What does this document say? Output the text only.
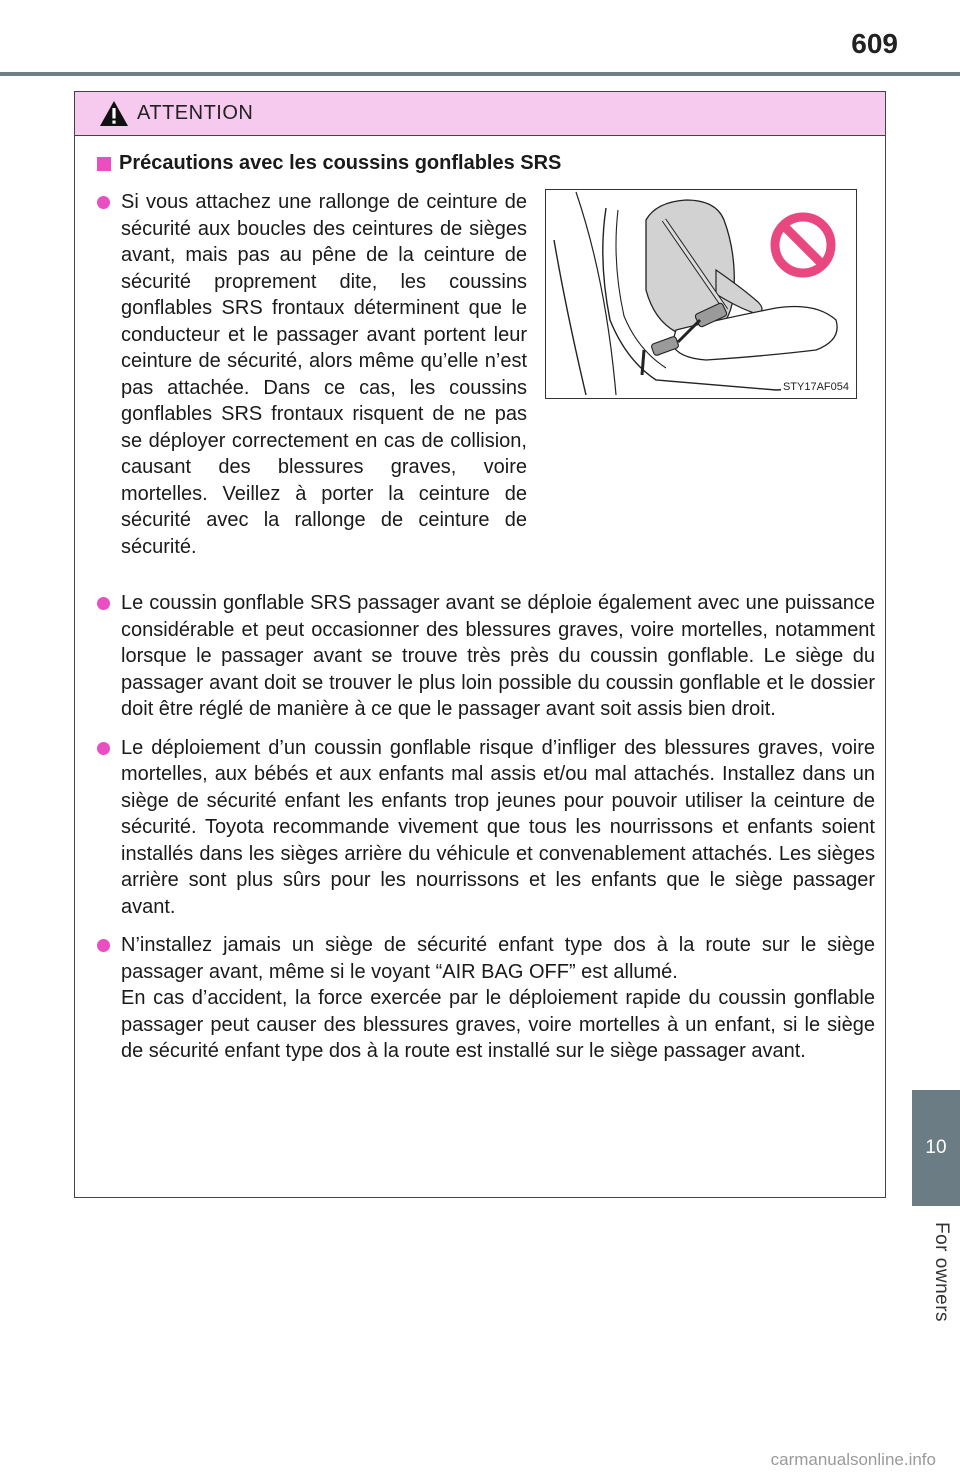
609
10
For owners
ATTENTION
Précautions avec les coussins gonflables SRS

Si vous attachez une rallonge de ceinture de sécurité aux boucles des ceintures de sièges avant, mais pas au pêne de la ceinture de sécurité proprement dite, les coussins gonflables SRS frontaux déterminent que le conducteur et le passager avant portent leur ceinture de sécurité, alors même qu’elle n’est pas attachée. Dans ce cas, les coussins gonflables SRS frontaux risquent de ne pas se déployer correctement en cas de collision, causant des blessures graves, voire mortelles. Veillez à porter la ceinture de sécurité avec la rallonge de ceinture de sécurité.

STY17AF054

Le coussin gonflable SRS passager avant se déploie également avec une puissance considérable et peut occasionner des blessures graves, voire mortelles, notamment lorsque le passager avant se trouve très près du coussin gonflable. Le siège du passager avant doit se trouver le plus loin possible du coussin gonflable et le dossier doit être réglé de manière à ce que le passager avant soit assis bien droit.

Le déploiement d’un coussin gonflable risque d’infliger des blessures graves, voire mortelles, aux bébés et aux enfants mal assis et/ou mal attachés. Installez dans un siège de sécurité enfant les enfants trop jeunes pour pouvoir utiliser la ceinture de sécurité. Toyota recommande vivement que tous les nourrissons et enfants soient installés dans les sièges arrière du véhicule et convenablement attachés. Les sièges arrière sont plus sûrs pour les nourrissons et les enfants que le siège passager avant.

N’installez jamais un siège de sécurité enfant type dos à la route sur le siège passager avant, même si le voyant “AIR BAG OFF” est allumé.

En cas d’accident, la force exercée par le déploiement rapide du coussin gonflable passager peut causer des blessures graves, voire mortelles à un enfant, si le siège de sécurité enfant type dos à la route est installé sur le siège passager avant.

carmanualsonline.info
